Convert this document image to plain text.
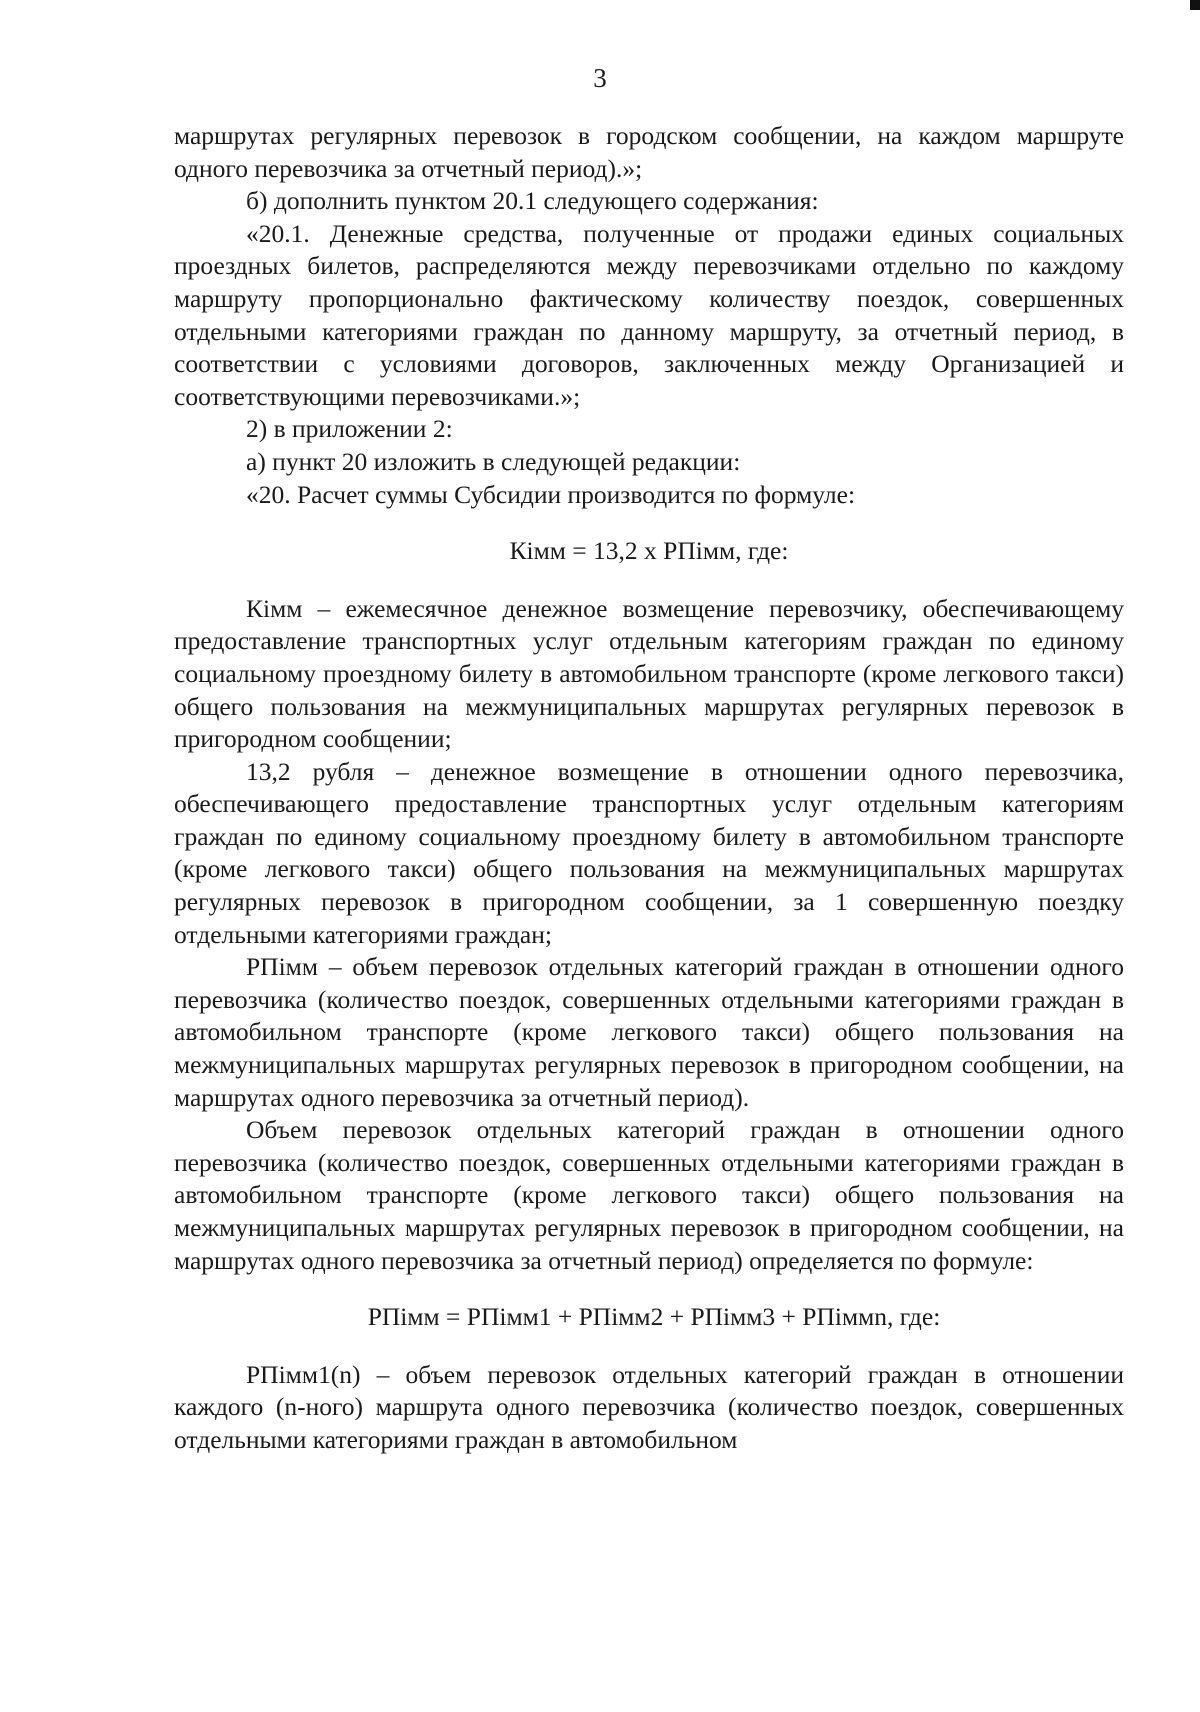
3

маршрутах регулярных перевозок в городском сообщении, на каждом маршруте одного перевозчика за отчетный период).»;

б) дополнить пунктом 20.1 следующего содержания:

«20.1. Денежные средства, полученные от продажи единых социальных проездных билетов, распределяются между перевозчиками отдельно по каждому маршруту пропорционально фактическому количеству поездок, совершенных отдельными категориями граждан по данному маршруту, за отчетный период, в соответствии с условиями договоров, заключенных между Организацией и соответствующими перевозчиками.»;

2) в приложении 2:

а) пункт 20 изложить в следующей редакции:

«20. Расчет суммы Субсидии производится по формуле:

Кімм = 13,2 х РПімм, где:

Кімм – ежемесячное денежное возмещение перевозчику, обеспечивающему предоставление транспортных услуг отдельным категориям граждан по единому социальному проездному билету в автомобильном транспорте (кроме легкового такси) общего пользования на межмуниципальных маршрутах регулярных перевозок в пригородном сообщении;

13,2 рубля – денежное возмещение в отношении одного перевозчика, обеспечивающего предоставление транспортных услуг отдельным категориям граждан по единому социальному проездному билету в автомобильном транспорте (кроме легкового такси) общего пользования на межмуниципальных маршрутах регулярных перевозок в пригородном сообщении, за 1 совершенную поездку отдельными категориями граждан;

РПімм – объем перевозок отдельных категорий граждан в отношении одного перевозчика (количество поездок, совершенных отдельными категориями граждан в автомобильном транспорте (кроме легкового такси) общего пользования на межмуниципальных маршрутах регулярных перевозок в пригородном сообщении, на маршрутах одного перевозчика за отчетный период).

Объем перевозок отдельных категорий граждан в отношении одного перевозчика (количество поездок, совершенных отдельными категориями граждан в автомобильном транспорте (кроме легкового такси) общего пользования на межмуниципальных маршрутах регулярных перевозок в пригородном сообщении, на маршрутах одного перевозчика за отчетный период) определяется по формуле:

РПімм = РПімм1 + РПімм2 + РПімм3 + РПіммn, где:

РПімм1(n) – объем перевозок отдельных категорий граждан в отношении каждого (n-ного) маршрута одного перевозчика (количество поездок, совершенных отдельными категориями граждан в автомобильном
